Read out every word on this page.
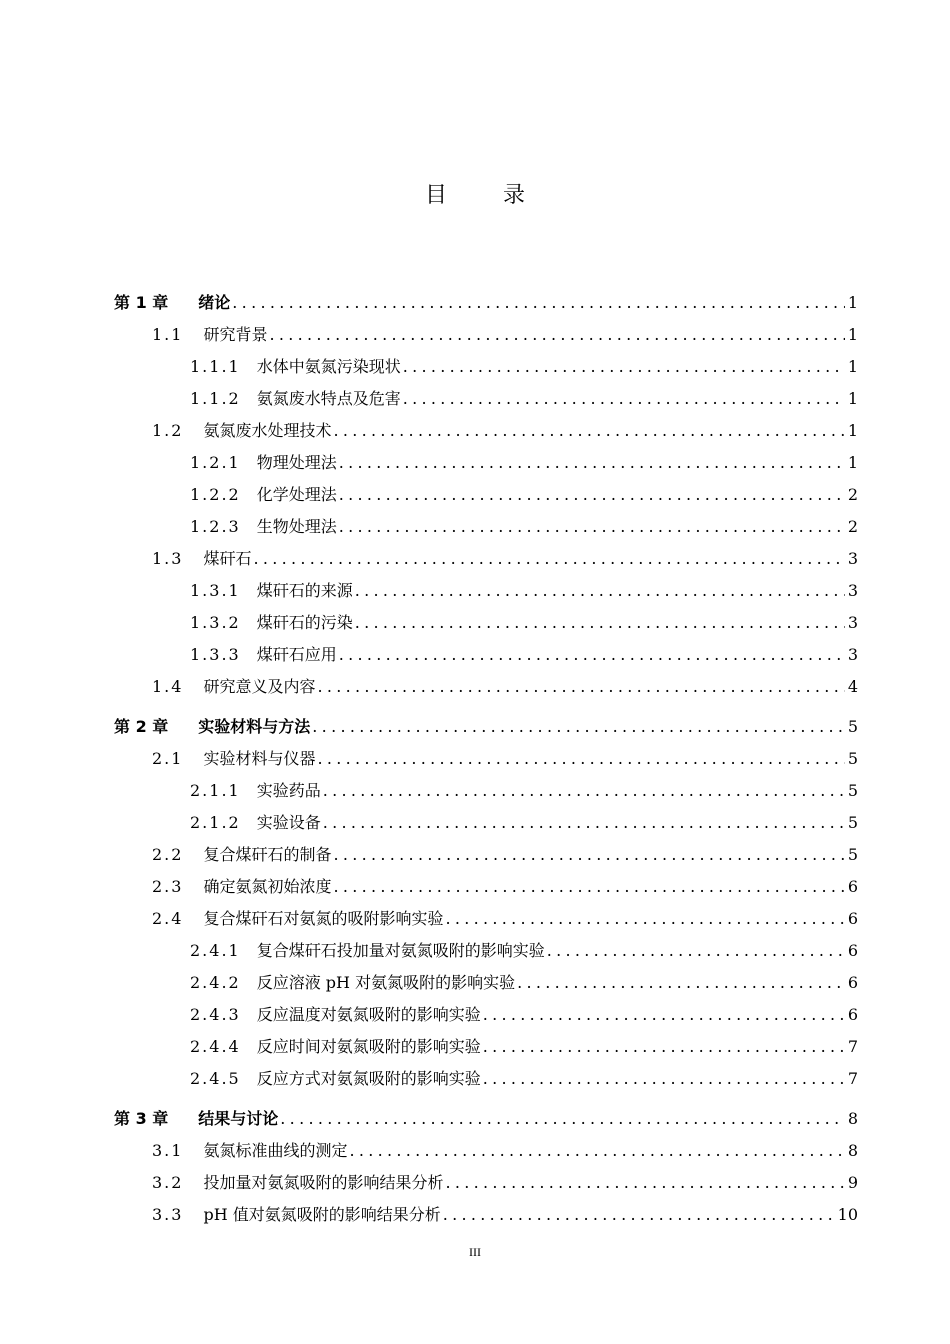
目录
第 1 章 绪论 .....	1
1.1 研究背景 .....	1
1.1.1 水体中氨氮污染现状 .....	1
1.1.2 氨氮废水特点及危害 .....	1
1.2 氨氮废水处理技术 .....	1
1.2.1 物理处理法 .....	1
1.2.2 化学处理法 .....	2
1.2.3 生物处理法 .....	2
1.3 煤矸石 .....	3
1.3.1 煤矸石的来源 .....	3
1.3.2 煤矸石的污染 .....	3
1.3.3 煤矸石应用 .....	3
1.4 研究意义及内容 .....	4
第 2 章 实验材料与方法 .....	5
2.1 实验材料与仪器 .....	5
2.1.1 实验药品 .....	5
2.1.2 实验设备 .....	5
2.2 复合煤矸石的制备 .....	5
2.3 确定氨氮初始浓度 .....	6
2.4 复合煤矸石对氨氮的吸附影响实验 .....	6
2.4.1 复合煤矸石投加量对氨氮吸附的影响实验 .....	6
2.4.2 反应溶液 pH 对氨氮吸附的影响实验 .....	6
2.4.3 反应温度对氨氮吸附的影响实验 .....	6
2.4.4 反应时间对氨氮吸附的影响实验 .....	7
2.4.5 反应方式对氨氮吸附的影响实验 .....	7
第 3 章 结果与讨论 .....	8
3.1 氨氮标准曲线的测定 .....	8
3.2 投加量对氨氮吸附的影响结果分析 .....	9
3.3 pH 值对氨氮吸附的影响结果分析 .....	10
III
